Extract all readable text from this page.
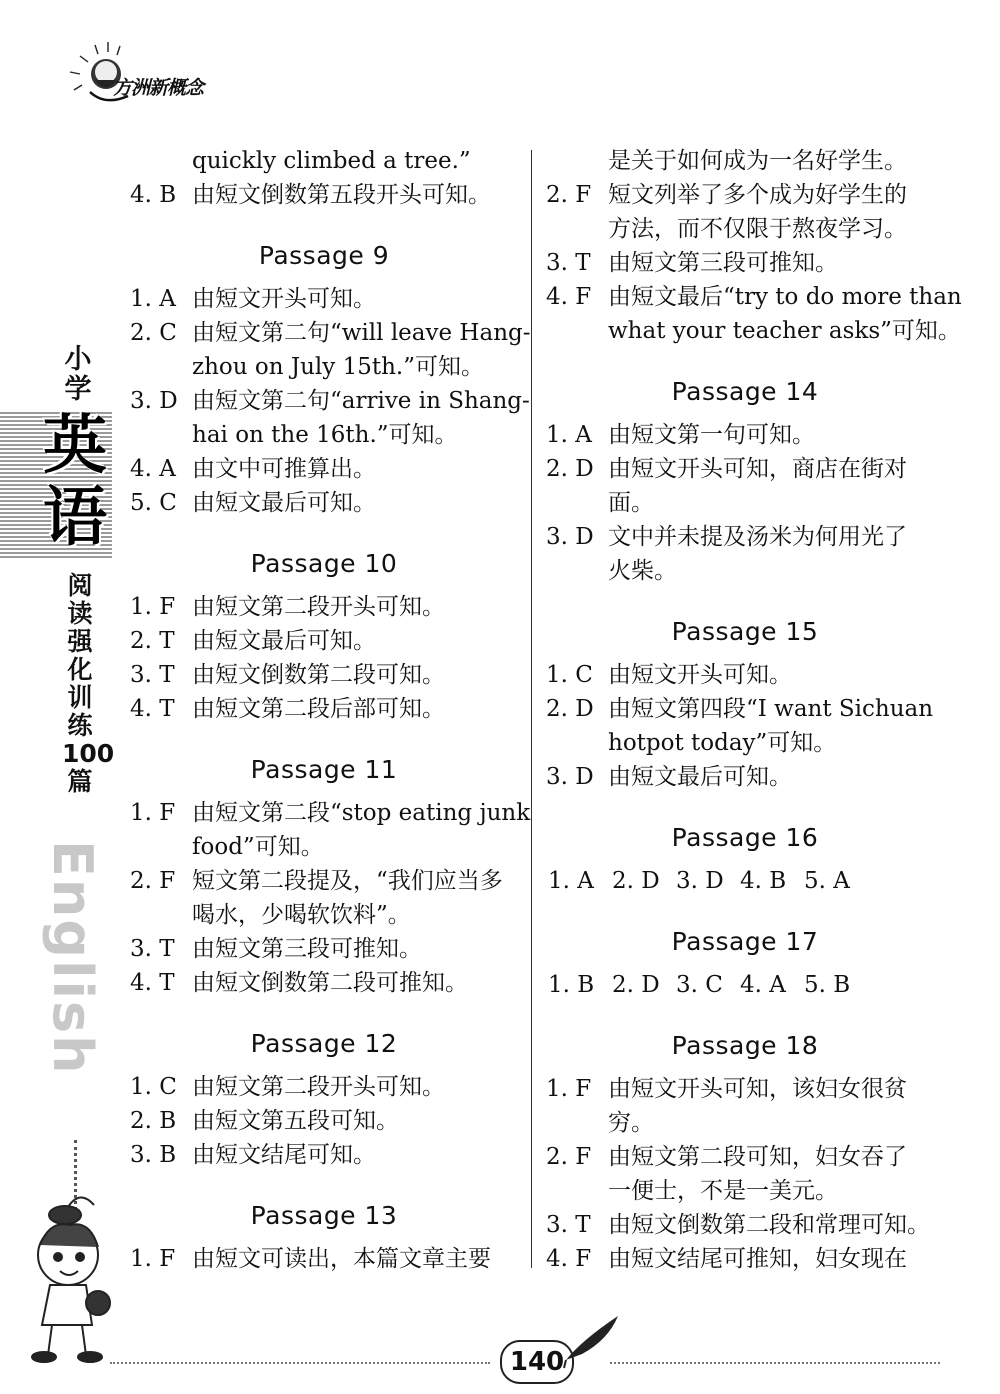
方洲新概念
小学
英语
阅读强化训练100篇
English
quickly climbed a tree.”
4. B 由短文倒数第五段开头可知。
Passage 9
1. A 由短文开头可知。
2. C 由短文第二句“will leave Hang-
zhou on July 15th.”可知。
3. D 由短文第二句“arrive in Shang-
hai on the 16th.”可知。
4. A 由文中可推算出。
5. C 由短文最后可知。
Passage 10
1. F 由短文第二段开头可知。
2. T 由短文最后可知。
3. T 由短文倒数第二段可知。
4. T 由短文第二段后部可知。
Passage 11
1. F 由短文第二段“stop eating junk
food”可知。
2. F 短文第二段提及，“我们应当多
喝水，少喝软饮料”。
3. T 由短文第三段可推知。
4. T 由短文倒数第二段可推知。
Passage 12
1. C 由短文第二段开头可知。
2. B 由短文第五段可知。
3. B 由短文结尾可知。
Passage 13
1. F 由短文可读出，本篇文章主要
是关于如何成为一名好学生。
2. F 短文列举了多个成为好学生的
方法，而不仅限于熬夜学习。
3. T 由短文第三段可推知。
4. F 由短文最后“try to do more than
what your teacher asks”可知。
Passage 14
1. A 由短文第一句可知。
2. D 由短文开头可知，商店在街对
面。
3. D 文中并未提及汤米为何用光了
火柴。
Passage 15
1. C 由短文开头可知。
2. D 由短文第四段“I want Sichuan
hotpot today”可知。
3. D 由短文最后可知。
Passage 16
1. A 2. D 3. D 4. B 5. A
Passage 17
1. B 2. D 3. C 4. A 5. B
Passage 18
1. F 由短文开头可知，该妇女很贫
穷。
2. F 由短文第二段可知，妇女吞了
一便士，不是一美元。
3. T 由短文倒数第二段和常理可知。
4. F 由短文结尾可推知，妇女现在
140
